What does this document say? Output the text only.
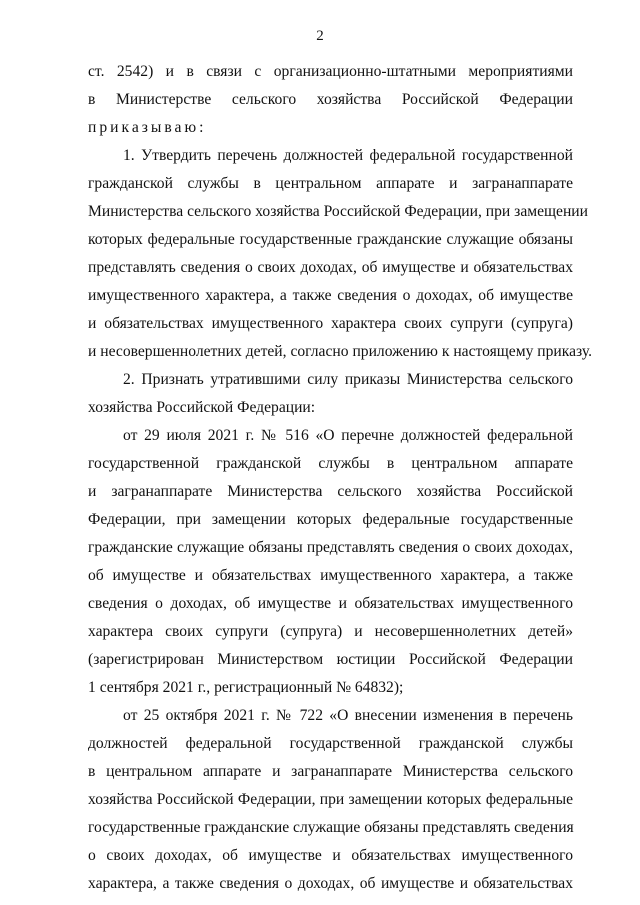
2
ст. 2542) и в связи с организационно-штатными мероприятиями
в Министерстве сельского хозяйства Российской Федерации
приказываю:
1. Утвердить перечень должностей федеральной государственной
гражданской службы в центральном аппарате и загранаппарате
Министерства сельского хозяйства Российской Федерации, при замещении
которых федеральные государственные гражданские служащие обязаны
представлять сведения о своих доходах, об имуществе и обязательствах
имущественного характера, а также сведения о доходах, об имуществе
и обязательствах имущественного характера своих супруги (супруга)
и несовершеннолетних детей, согласно приложению к настоящему приказу.
2. Признать утратившими силу приказы Министерства сельского
хозяйства Российской Федерации:
от 29 июля 2021 г. № 516 «О перечне должностей федеральной
государственной гражданской службы в центральном аппарате
и загранаппарате Министерства сельского хозяйства Российской
Федерации, при замещении которых федеральные государственные
гражданские служащие обязаны представлять сведения о своих доходах,
об имуществе и обязательствах имущественного характера, а также
сведения о доходах, об имуществе и обязательствах имущественного
характера своих супруги (супруга) и несовершеннолетних детей»
(зарегистрирован Министерством юстиции Российской Федерации
1 сентября 2021 г., регистрационный № 64832);
от 25 октября 2021 г. № 722 «О внесении изменения в перечень
должностей федеральной государственной гражданской службы
в центральном аппарате и загранаппарате Министерства сельского
хозяйства Российской Федерации, при замещении которых федеральные
государственные гражданские служащие обязаны представлять сведения
о своих доходах, об имуществе и обязательствах имущественного
характера, а также сведения о доходах, об имуществе и обязательствах
